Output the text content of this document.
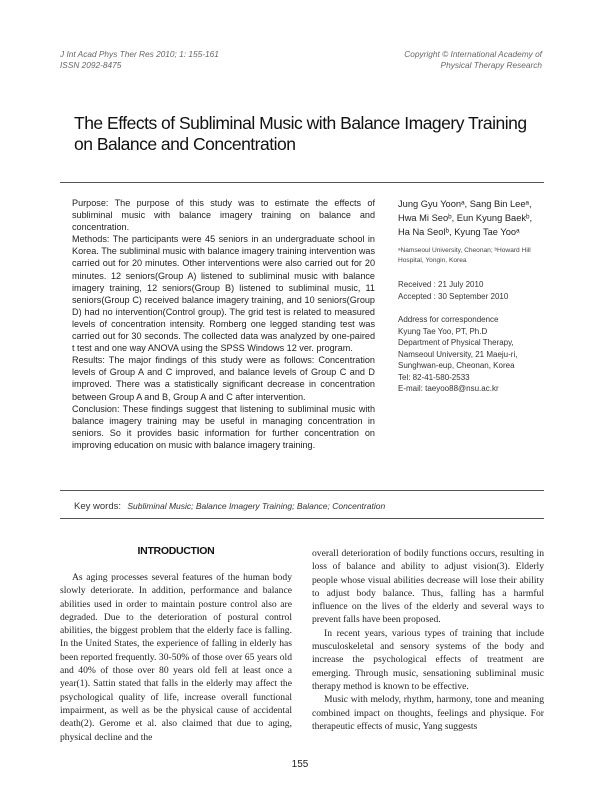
J Int Acad Phys Ther Res 2010; 1: 155-161
ISSN 2092-8475
Copyright © International Academy of
Physical Therapy Research
The Effects of Subliminal Music with Balance Imagery Training on Balance and Concentration

Purpose: The purpose of this study was to estimate the effects of subliminal music with balance imagery training on balance and concentration.

Methods: The participants were 45 seniors in an undergraduate school in Korea. The subliminal music with balance imagery training intervention was carried out for 20 minutes. Other interventions were also carried out for 20 minutes. 12 seniors(Group A) listened to subliminal music with balance imagery training, 12 seniors(Group B) listened to subliminal music, 11 seniors(Group C) received balance imagery training, and 10 seniors(Group D) had no intervention(Control group). The grid test is related to measured levels of concentration intensity. Romberg one legged standing test was carried out for 30 seconds. The collected data was analyzed by one-paired t test and one way ANOVA using the SPSS Windows 12 ver. program.

Results: The major findings of this study were as follows: Concentration levels of Group A and C improved, and balance levels of Group C and D improved. There was a statistically significant decrease in concentration between Group A and B, Group A and C after intervention.

Conclusion: These findings suggest that listening to subliminal music with balance imagery training may be useful in managing concentration in seniors. So it provides basic information for further concentration on improving education on music with balance imagery training.

Jung Gyu Yoonᵃ, Sang Bin Leeᵃ,
Hwa Mi Seoᵇ, Eun Kyung Baekᵇ,
Ha Na Seolᵇ, Kyung Tae Yooᵃ
ᵃNamseoul University, Cheonan; ᵇHoward Hill Hospital, Yongin, Korea
Received : 21 July 2010
Accepted : 30 September 2010
Address for correspondence
Kyung Tae Yoo, PT, Ph.D
Department of Physical Therapy,
Namseoul University, 21 Maeju-ri,
Sunghwan-eup, Cheonan, Korea
Tel: 82-41-580-2533
E-mail: taeyoo88@nsu.ac.kr
Key words: Subliminal Music; Balance Imagery Training; Balance; Concentration
INTRODUCTION

As aging processes several features of the human body slowly deteriorate. In addition, performance and balance abilities used in order to maintain posture control also are degraded. Due to the deterioration of postural control abilities, the biggest problem that the elderly face is falling. In the United States, the experience of falling in elderly has been reported frequently. 30-50% of those over 65 years old and 40% of those over 80 years old fell at least once a year(1). Sattin stated that falls in the elderly may affect the psychological quality of life, increase overall functional impairment, as well as be the physical cause of accidental death(2). Gerome et al. also claimed that due to aging, physical decline and the

overall deterioration of bodily functions occurs, resulting in loss of balance and ability to adjust vision(3). Elderly people whose visual abilities decrease will lose their ability to adjust body balance. Thus, falling has a harmful influence on the lives of the elderly and several ways to prevent falls have been proposed.

In recent years, various types of training that include musculoskeletal and sensory systems of the body and increase the psychological effects of treatment are emerging. Through music, sensationing subliminal music therapy method is known to be effective.

Music with melody, rhythm, harmony, tone and meaning combined impact on thoughts, feelings and physique. For therapeutic effects of music, Yang suggests

155
